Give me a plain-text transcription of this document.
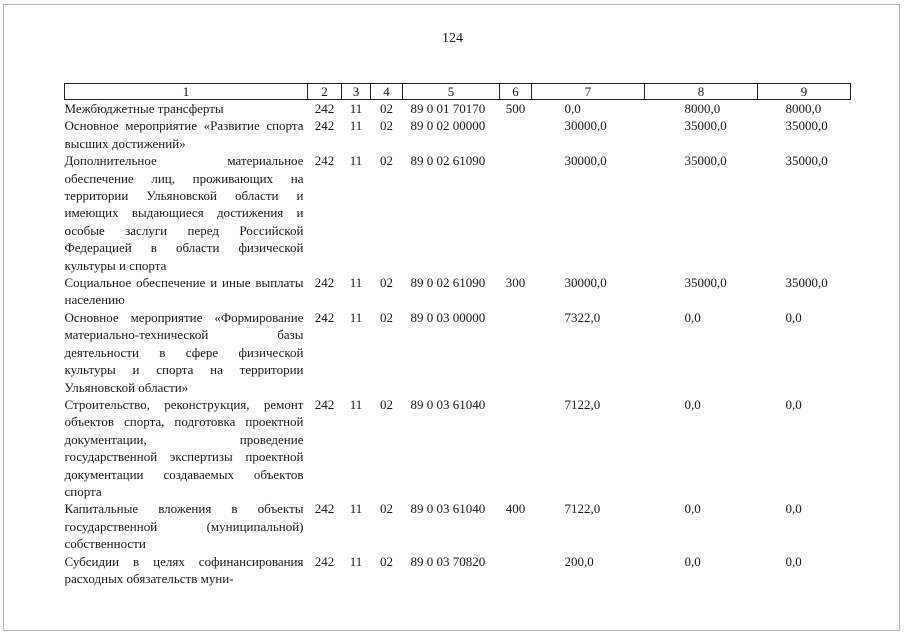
124
1	2	3	4	5	6	7	8	9
Межбюджетные трансферты	242	11	02	89 0 01 70170	500	0,0	8000,0	8000,0
Основное мероприятие «Развитие спорта высших достижений»	242	11	02	89 0 02 00000		30000,0	35000,0	35000,0
Дополнительное материальное обеспечение лиц, проживающих на территории Ульяновской области и имеющих выдающиеся достижения и особые заслуги перед Российской Федерацией в области физической культуры и спорта	242	11	02	89 0 02 61090		30000,0	35000,0	35000,0
Социальное обеспечение и иные выплаты населению	242	11	02	89 0 02 61090	300	30000,0	35000,0	35000,0
Основное мероприятие «Формирование материально-технической базы деятельности в сфере физической культуры и спорта на территории Ульяновской области»	242	11	02	89 0 03 00000		7322,0	0,0	0,0
Строительство, реконструкция, ремонт объектов спорта, подготовка проектной документации, проведение государственной экспертизы проектной документации создаваемых объектов спорта	242	11	02	89 0 03 61040		7122,0	0,0	0,0
Капитальные вложения в объекты государственной (муниципальной) собственности	242	11	02	89 0 03 61040	400	7122,0	0,0	0,0
Субсидии в целях софинансирования расходных обязательств муни-	242	11	02	89 0 03 70820		200,0	0,0	0,0
